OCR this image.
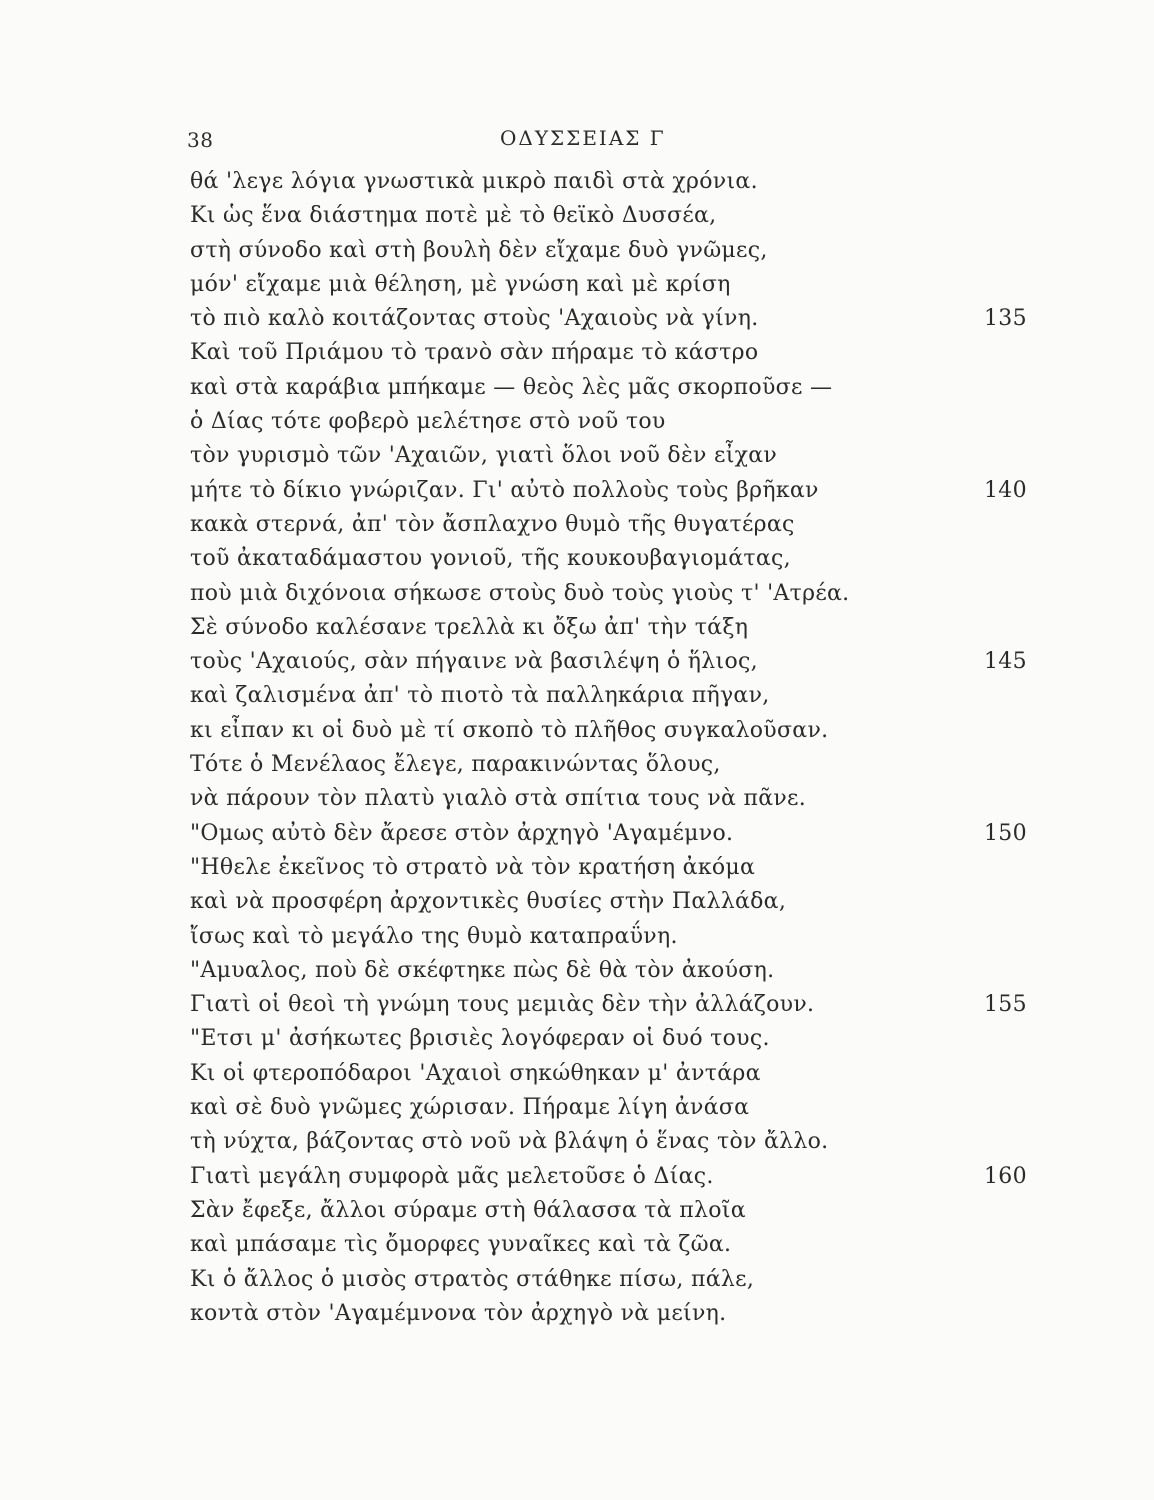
38	ΟΔΥΣΣΕΙΑΣ Γ
θά 'λεγε λόγια γνωστικὰ μικρὸ παιδὶ στὰ χρόνια.
Κι ὡς ἕνα διάστημα ποτὲ μὲ τὸ θεϊκὸ Δυσσέα,
στὴ σύνοδο καὶ στὴ βουλὴ δὲν εἴχαμε δυὸ γνῶμες,
μόν' εἴχαμε μιὰ θέληση, μὲ γνώση καὶ μὲ κρίση
τὸ πιὸ καλὸ κοιτάζοντας στοὺς 'Αχαιοὺς νὰ γίνη.	135
Καὶ τοῦ Πριάμου τὸ τρανὸ σὰν πήραμε τὸ κάστρο
καὶ στὰ καράβια μπήκαμε — θεὸς λὲς μᾶς σκορποῦσε —
ὁ Δίας τότε φοβερὸ μελέτησε στὸ νοῦ του
τὸν γυρισμὸ τῶν 'Αχαιῶν, γιατὶ ὅλοι νοῦ δὲν εἶχαν
μήτε τὸ δίκιο γνώριζαν. Γι' αὐτὸ πολλοὺς τοὺς βρῆκαν	140
κακὰ στερνά, ἀπ' τὸν ἄσπλαχνο θυμὸ τῆς θυγατέρας
τοῦ ἀκαταδάμαστου γονιοῦ, τῆς κουκουβαγιομάτας,
ποὺ μιὰ διχόνοια σήκωσε στοὺς δυὸ τοὺς γιοὺς τ' 'Ατρέα.
Σὲ σύνοδο καλέσανε τρελλὰ κι ὄξω ἀπ' τὴν τάξη
τοὺς 'Αχαιούς, σὰν πήγαινε νὰ βασιλέψη ὁ ἥλιος,	145
καὶ ζαλισμένα ἀπ' τὸ πιοτὸ τὰ παλληκάρια πῆγαν,
κι εἶπαν κι οἱ δυὸ μὲ τί σκοπὸ τὸ πλῆθος συγκαλοῦσαν.
Τότε ὁ Μενέλαος ἔλεγε, παρακινώντας ὅλους,
νὰ πάρουν τὸν πλατὺ γιαλὸ στὰ σπίτια τους νὰ πᾶνε.
"Ομως αὐτὸ δὲν ἄρεσε στὸν ἀρχηγὸ 'Αγαμέμνο.	150
"Ηθελε ἐκεῖνος τὸ στρατὸ νὰ τὸν κρατήση ἀκόμα
καὶ νὰ προσφέρη ἀρχοντικὲς θυσίες στὴν Παλλάδα,
ἴσως καὶ τὸ μεγάλο της θυμὸ καταπραΰνη.
"Αμυαλος, ποὺ δὲ σκέφτηκε πὼς δὲ θὰ τὸν ἀκούση.
Γιατὶ οἱ θεοὶ τὴ γνώμη τους μεμιὰς δὲν τὴν ἀλλάζουν.	155
"Ετσι μ' ἀσήκωτες βρισιὲς λογόφεραν οἱ δυό τους.
Κι οἱ φτεροπόδαροι 'Αχαιοὶ σηκώθηκαν μ' ἀντάρα
καὶ σὲ δυὸ γνῶμες χώρισαν. Πήραμε λίγη ἀνάσα
τὴ νύχτα, βάζοντας στὸ νοῦ νὰ βλάψη ὁ ἕνας τὸν ἄλλο.
Γιατὶ μεγάλη συμφορὰ μᾶς μελετοῦσε ὁ Δίας.	160
Σὰν ἔφεξε, ἄλλοι σύραμε στὴ θάλασσα τὰ πλοῖα
καὶ μπάσαμε τὶς ὄμορφες γυναῖκες καὶ τὰ ζῶα.
Κι ὁ ἄλλος ὁ μισὸς στρατὸς στάθηκε πίσω, πάλε,
κοντὰ στὸν 'Αγαμέμνονα τὸν ἀρχηγὸ νὰ μείνη.
